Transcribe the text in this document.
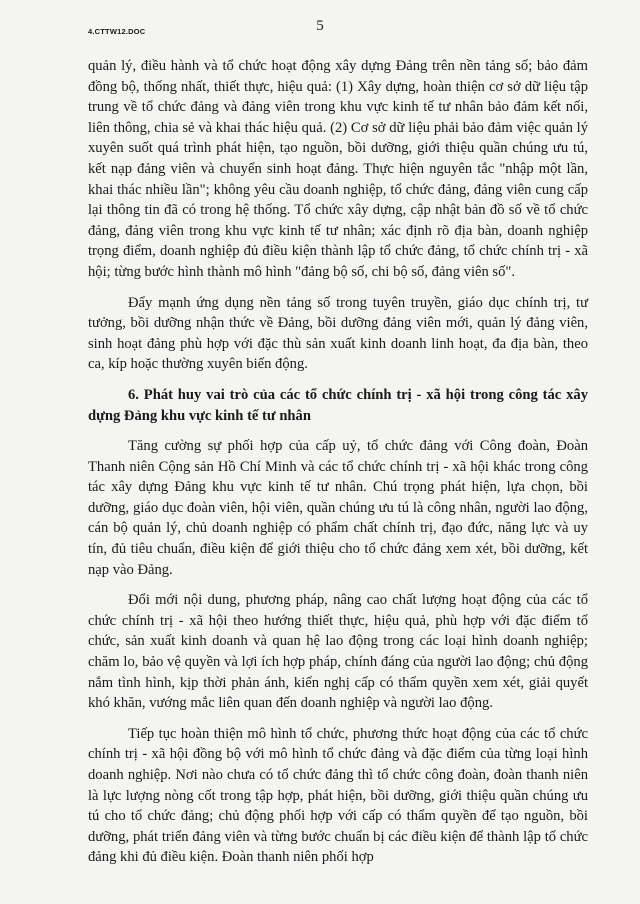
4.CTTW12.DOC	5

quản lý, điều hành và tổ chức hoạt động xây dựng Đảng trên nền tảng số; bảo đảm đồng bộ, thống nhất, thiết thực, hiệu quả: (1) Xây dựng, hoàn thiện cơ sở dữ liệu tập trung về tổ chức đảng và đảng viên trong khu vực kinh tế tư nhân bảo đảm kết nối, liên thông, chia sẻ và khai thác hiệu quả. (2) Cơ sở dữ liệu phải bảo đảm việc quản lý xuyên suốt quá trình phát hiện, tạo nguồn, bồi dưỡng, giới thiệu quần chúng ưu tú, kết nạp đảng viên và chuyển sinh hoạt đảng. Thực hiện nguyên tắc "nhập một lần, khai thác nhiều lần"; không yêu cầu doanh nghiệp, tổ chức đảng, đảng viên cung cấp lại thông tin đã có trong hệ thống. Tổ chức xây dựng, cập nhật bản đồ số về tổ chức đảng, đảng viên trong khu vực kinh tế tư nhân; xác định rõ địa bàn, doanh nghiệp trọng điểm, doanh nghiệp đủ điều kiện thành lập tổ chức đảng, tổ chức chính trị - xã hội; từng bước hình thành mô hình "đảng bộ số, chi bộ số, đảng viên số".

Đẩy mạnh ứng dụng nền tảng số trong tuyên truyền, giáo dục chính trị, tư tưởng, bồi dưỡng nhận thức về Đảng, bồi dưỡng đảng viên mới, quản lý đảng viên, sinh hoạt đảng phù hợp với đặc thù sản xuất kinh doanh linh hoạt, đa địa bàn, theo ca, kíp hoặc thường xuyên biến động.

6. Phát huy vai trò của các tổ chức chính trị - xã hội trong công tác xây dựng Đảng khu vực kinh tế tư nhân

Tăng cường sự phối hợp của cấp uỷ, tổ chức đảng với Công đoàn, Đoàn Thanh niên Cộng sản Hồ Chí Minh và các tổ chức chính trị - xã hội khác trong công tác xây dựng Đảng khu vực kinh tế tư nhân. Chú trọng phát hiện, lựa chọn, bồi dưỡng, giáo dục đoàn viên, hội viên, quần chúng ưu tú là công nhân, người lao động, cán bộ quản lý, chủ doanh nghiệp có phẩm chất chính trị, đạo đức, năng lực và uy tín, đủ tiêu chuẩn, điều kiện để giới thiệu cho tổ chức đảng xem xét, bồi dưỡng, kết nạp vào Đảng.

Đổi mới nội dung, phương pháp, nâng cao chất lượng hoạt động của các tổ chức chính trị - xã hội theo hướng thiết thực, hiệu quả, phù hợp với đặc điểm tổ chức, sản xuất kinh doanh và quan hệ lao động trong các loại hình doanh nghiệp; chăm lo, bảo vệ quyền và lợi ích hợp pháp, chính đáng của người lao động; chủ động nắm tình hình, kịp thời phản ánh, kiến nghị cấp có thẩm quyền xem xét, giải quyết khó khăn, vướng mắc liên quan đến doanh nghiệp và người lao động.

Tiếp tục hoàn thiện mô hình tổ chức, phương thức hoạt động của các tổ chức chính trị - xã hội đồng bộ với mô hình tổ chức đảng và đặc điểm của từng loại hình doanh nghiệp. Nơi nào chưa có tổ chức đảng thì tổ chức công đoàn, đoàn thanh niên là lực lượng nòng cốt trong tập hợp, phát hiện, bồi dưỡng, giới thiệu quần chúng ưu tú cho tổ chức đảng; chủ động phối hợp với cấp có thẩm quyền để tạo nguồn, bồi dưỡng, phát triển đảng viên và từng bước chuẩn bị các điều kiện để thành lập tổ chức đảng khi đủ điều kiện. Đoàn thanh niên phối hợp
